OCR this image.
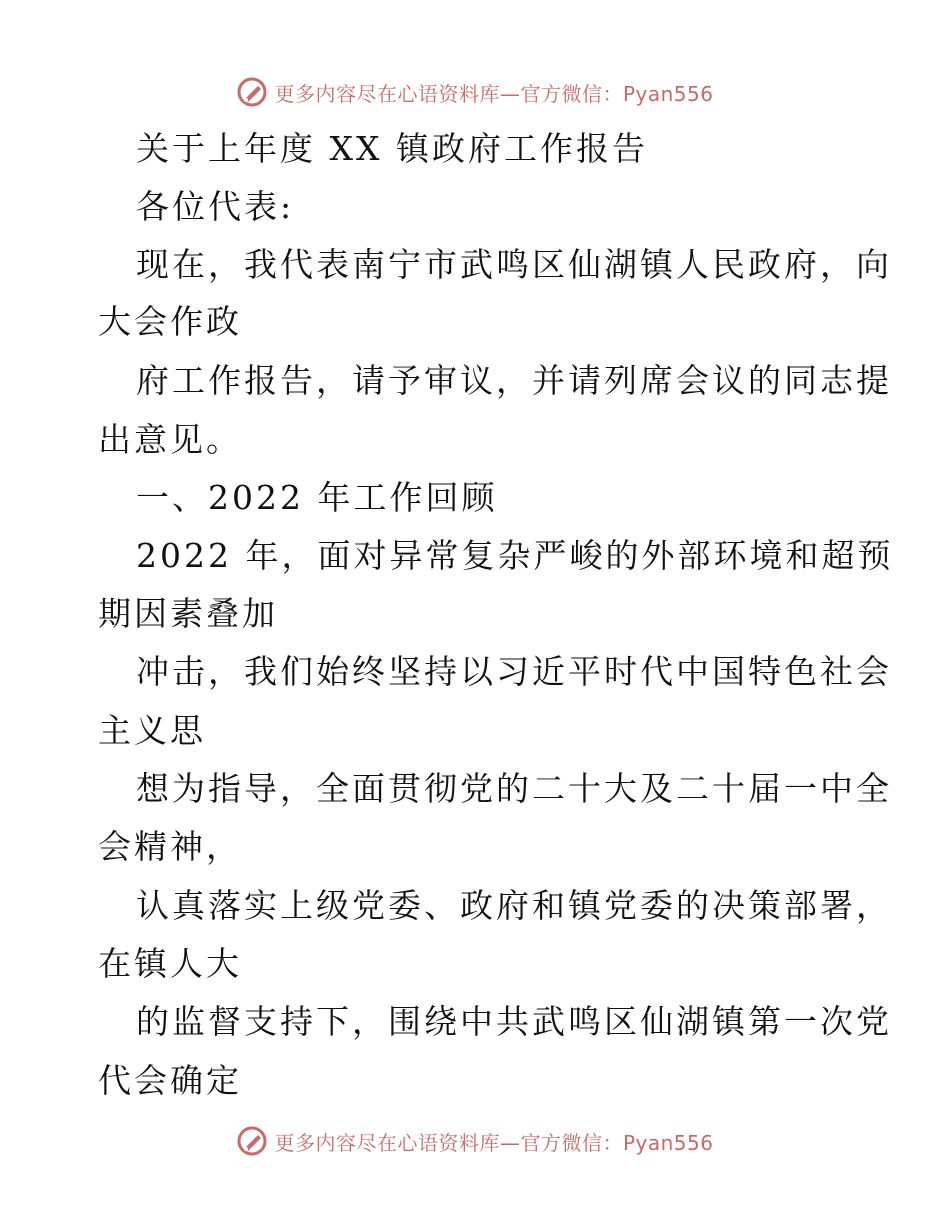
更多内容尽在心语资料库—官方微信：Pyan556
关于上年度 XX 镇政府工作报告
各位代表:
现在，我代表南宁市武鸣区仙湖镇人民政府，向
大会作政
府工作报告，请予审议，并请列席会议的同志提
出意见。
一、2022 年工作回顾
2022 年，面对异常复杂严峻的外部环境和超预
期因素叠加
冲击，我们始终坚持以习近平时代中国特色社会
主义思
想为指导，全面贯彻党的二十大及二十届一中全
会精神，
认真落实上级党委、政府和镇党委的决策部署，
在镇人大
的监督支持下，围绕中共武鸣区仙湖镇第一次党
代会确定
更多内容尽在心语资料库—官方微信：Pyan556
